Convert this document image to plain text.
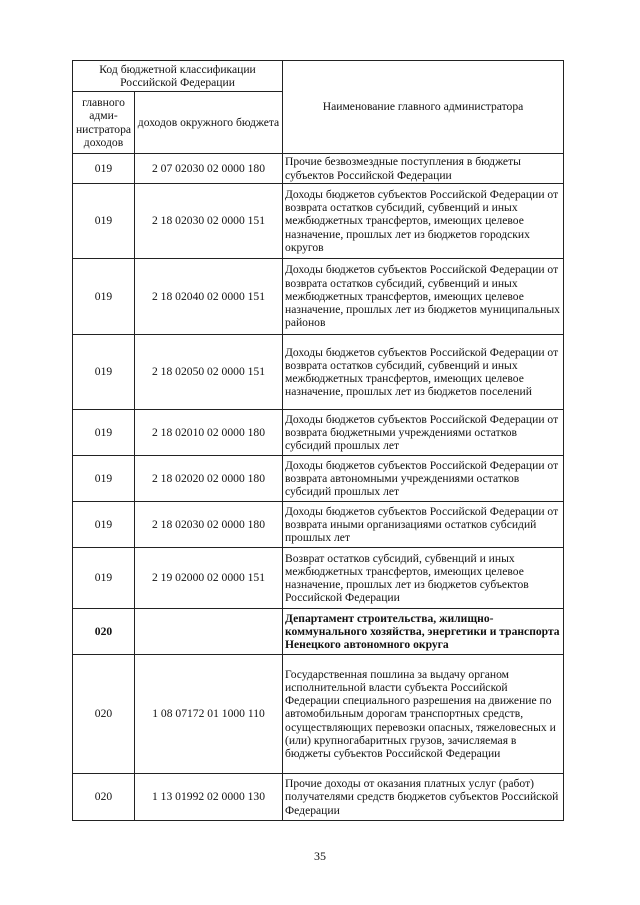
Код бюджетной классификации Российской Федерации		Наименование главного администратора
главного адми-нистратора доходов	доходов окружного бюджета	
019	2 07 02030 02 0000 180	Прочие безвозмездные поступления в бюджеты субъектов Российской Федерации
019	2 18 02030 02 0000 151	Доходы бюджетов субъектов Российской Федерации от возврата остатков субсидий, субвенций и иных межбюджетных трансфертов, имеющих целевое назначение, прошлых лет из бюджетов городских округов
019	2 18 02040 02 0000 151	Доходы бюджетов субъектов Российской Федерации от возврата остатков субсидий, субвенций и иных межбюджетных трансфертов, имеющих целевое назначение, прошлых лет из бюджетов муниципальных районов
019	2 18 02050 02 0000 151	Доходы бюджетов субъектов Российской Федерации от возврата остатков субсидий, субвенций и иных межбюджетных трансфертов, имеющих целевое назначение, прошлых лет из бюджетов поселений
019	2 18 02010 02 0000 180	Доходы бюджетов субъектов Российской Федерации от возврата бюджетными учреждениями остатков субсидий прошлых лет
019	2 18 02020 02 0000 180	Доходы бюджетов субъектов Российской Федерации от возврата автономными учреждениями остатков субсидий прошлых лет
019	2 18 02030 02 0000 180	Доходы бюджетов субъектов Российской Федерации от возврата иными организациями остатков субсидий прошлых лет
019	2 19 02000 02 0000 151	Возврат остатков субсидий, субвенций и иных межбюджетных трансфертов, имеющих целевое назначение, прошлых лет из бюджетов субъектов Российской Федерации
020		Департамент строительства, жилищно-коммунального хозяйства, энергетики и транспорта Ненецкого автономного округа
020	1 08 07172 01 1000 110	Государственная пошлина за выдачу органом исполнительной власти субъекта Российской Федерации специального разрешения на движение по автомобильным дорогам транспортных средств, осуществляющих перевозки опасных, тяжеловесных и (или) крупногабаритных грузов, зачисляемая в бюджеты субъектов Российской Федерации
020	1 13 01992 02 0000 130	Прочие доходы от оказания платных услуг (работ) получателями средств бюджетов субъектов Российской Федерации
35
